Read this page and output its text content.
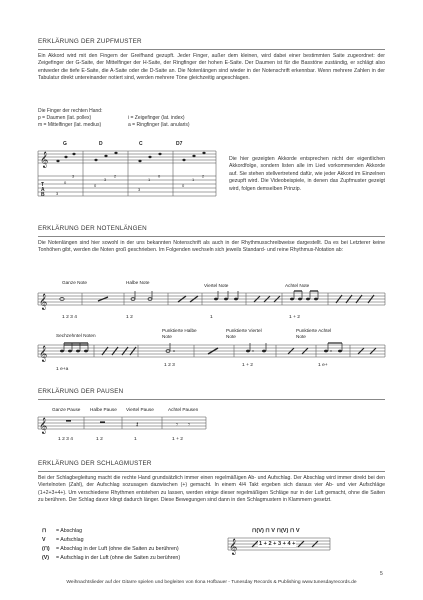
ERKLÄRUNG DER ZUPFMUSTER
Ein Akkord wird mit den Fingern der Greifhand gezupft. Jeder Finger, außer dem kleinen, wird dabei einer bestimmten Saite zugeordnet: der Zeigefinger der G-Saite, der Mittelfinger der H-Saite, der Ringfinger der hohen E-Saite. Der Daumen ist für die Basstöne zuständig, er schlägt also entweder die tiefe E-Saite, die A-Saite oder die D-Saite an. Die Notenlängen sind wieder in der Notenschrift erkennbar. Wenn mehrere Zahlen in der Tabulatur direkt untereinander notiert sind, werden mehrere Töne gleichzeitig angeschlagen.
Die Finger der rechten Hand:
p = Daumen (lat. pollex)	i = Zeigefinger (lat. index)
m = Mittelfinger (lat. medius)	a = Ringfinger (lat. anularis)
G	D	C	D7
𝄞
T
A
B	3
0
3
0
3
2
3
1
0
0
1
2
Die hier gezeigten Akkorde entsprechen nicht der eigentlichen Akkordfolge, sondern listen alle im Lied vorkommenden Akkorde auf. Sie stehen stellvertretend dafür, wie jeder Akkord im Einzelnen gezupft wird. Die Videobeispiele, in denen das Zupfmuster gezeigt wird, folgen demselben Prinzip.
ERKLÄRUNG DER NOTENLÄNGEN
Die Notenlängen sind hier sowohl in der uns bekannten Notenschrift als auch in der Rhythmusschreibweise dargestellt. Da es bei Letzterer keine Tonhöhen gibt, werden die Noten groß geschrieben. Im Folgenden wechseln sich jeweils Standard- und reine Rhythmus-Notation ab:
Ganze Note	Halbe Note
Viertel Note	Achtel Note
𝄞
1 2 3 4	1 2	1	1 + 2
Sechzehntel Noten
Punktierte Halbe Note
Punktierte Viertel Note
Punktierte Achtel Note
𝄞
1 e+a
1 2 3	1 + 2	1 e+
ERKLÄRUNG DER PAUSEN
Ganze Pause Halbe Pause Viertel Pause	Achtel Pausen
𝄞	𝄽	𝄾 𝄾
1 2 3 4	1 2	1	1 + 2
ERKLÄRUNG DER SCHLAGMUSTER
Bei der Schlagbegleitung macht die rechte Hand grundsätzlich immer einen regelmäßigen Ab- und Aufschlag. Der Abschlag wird immer direkt bei den Viertelnoten (Zahl), der Aufschlag sozusagen dazwischen (+) gemacht. In einem 4/4 Takt ergeben sich daraus vier Ab- und vier Aufschläge (1+2+3+4+). Um verschiedene Rhythmen entstehen zu lassen, werden einige dieser regelmäßigen Schläge nur in der Luft gemacht, ohne die Saiten zu berühren. Der Schlag davor klingt dadurch länger. Diese Bewegungen sind dann in den Schlagmustern in Klammern gesetzt.
⊓ = Abschlag
V = Aufschlag
(⊓) = Abschlag in der Luft (ohne die Saiten zu berühren)
(V) = Aufschlag in der Luft (ohne die Saiten zu berühren)
⊓(V) ⊓ V ⊓(V) ⊓ V
𝄞	1 + 2 + 3 + 4 +
5
Weihnachtslieder auf der Gitarre spielen und begleiten von Ilona Hofbauer - Tunesday Records & Publishing www.tunesdayrecords.de
